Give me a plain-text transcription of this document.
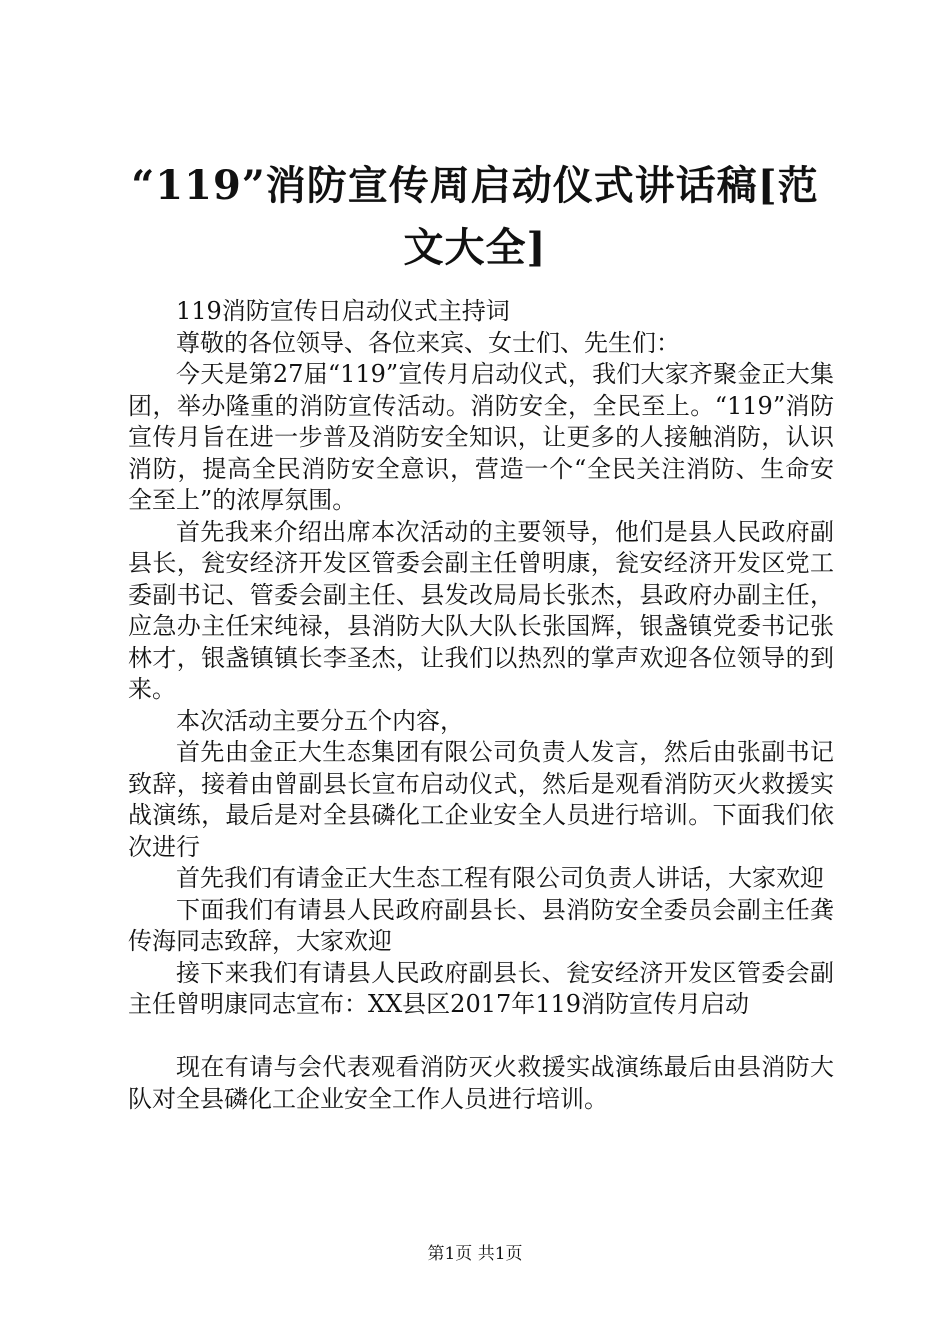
“119”消防宣传周启动仪式讲话稿[范文大全]

119消防宣传日启动仪式主持词

尊敬的各位领导、各位来宾、女士们、先生们：

今天是第27届“119”宣传月启动仪式，我们大家齐聚金正大集团，举办隆重的消防宣传活动。消防安全，全民至上。“119”消防宣传月旨在进一步普及消防安全知识，让更多的人接触消防，认识消防，提高全民消防安全意识，营造一个“全民关注消防、生命安全至上”的浓厚氛围。

首先我来介绍出席本次活动的主要领导，他们是县人民政府副县长，瓮安经济开发区管委会副主任曾明康，瓮安经济开发区党工委副书记、管委会副主任、县发改局局长张杰，县政府办副主任，应急办主任宋纯禄，县消防大队大队长张国辉，银盏镇党委书记张林才，银盏镇镇长李圣杰，让我们以热烈的掌声欢迎各位领导的到来。

本次活动主要分五个内容，

首先由金正大生态集团有限公司负责人发言，然后由张副书记致辞，接着由曾副县长宣布启动仪式，然后是观看消防灭火救援实战演练，最后是对全县磷化工企业安全人员进行培训。下面我们依次进行

首先我们有请金正大生态工程有限公司负责人讲话，大家欢迎

下面我们有请县人民政府副县长、县消防安全委员会副主任龚传海同志致辞，大家欢迎

接下来我们有请县人民政府副县长、瓮安经济开发区管委会副主任曾明康同志宣布：XX县区2017年119消防宣传月启动

现在有请与会代表观看消防灭火救援实战演练最后由县消防大队对全县磷化工企业安全工作人员进行培训。

第1页 共1页
